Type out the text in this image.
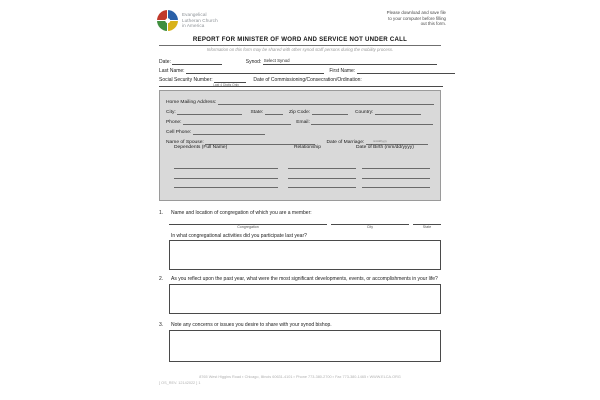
Evangelical
Lutheran Church
in America
Please download and save file
to your computer before filling
out this form.
REPORT FOR MINISTER OF WORD AND SERVICE NOT UNDER CALL
Information on this form may be shared with other synod staff persons during the mobility process.
Date:	Synod: Select Synod
Last Name:	First Name:
Social Security Number:	Date of Commissioning/Consecration/Ordination:
Last 4 Digits Only
Home Mailing Address:
City:	State:	Zip Code:	Country:
Phone:	Email:
Cell Phone:
Name of Spouse:	Date of Marriage:
Dependents (Full Name)	Relationship	Date of Birth (mm/dd/yyyy)
mm/dd/yyyy
1. Name and location of congregation of which you are a member:
Congregation	City	State
In what congregational activities did you participate last year?
2. As you reflect upon the past year, what were the most significant developments, events, or accomplishments in your life?
3. Note any concerns or issues you desire to share with your synod bishop.
8765 West Higgins Road ▪ Chicago, Illinois 60631-4101 ▪ Phone 773-380-2700 ▪ Fax 773-380-1465 ▪ WWW.ELCA.ORG
[ OS_REV. 12142022 ] 1
